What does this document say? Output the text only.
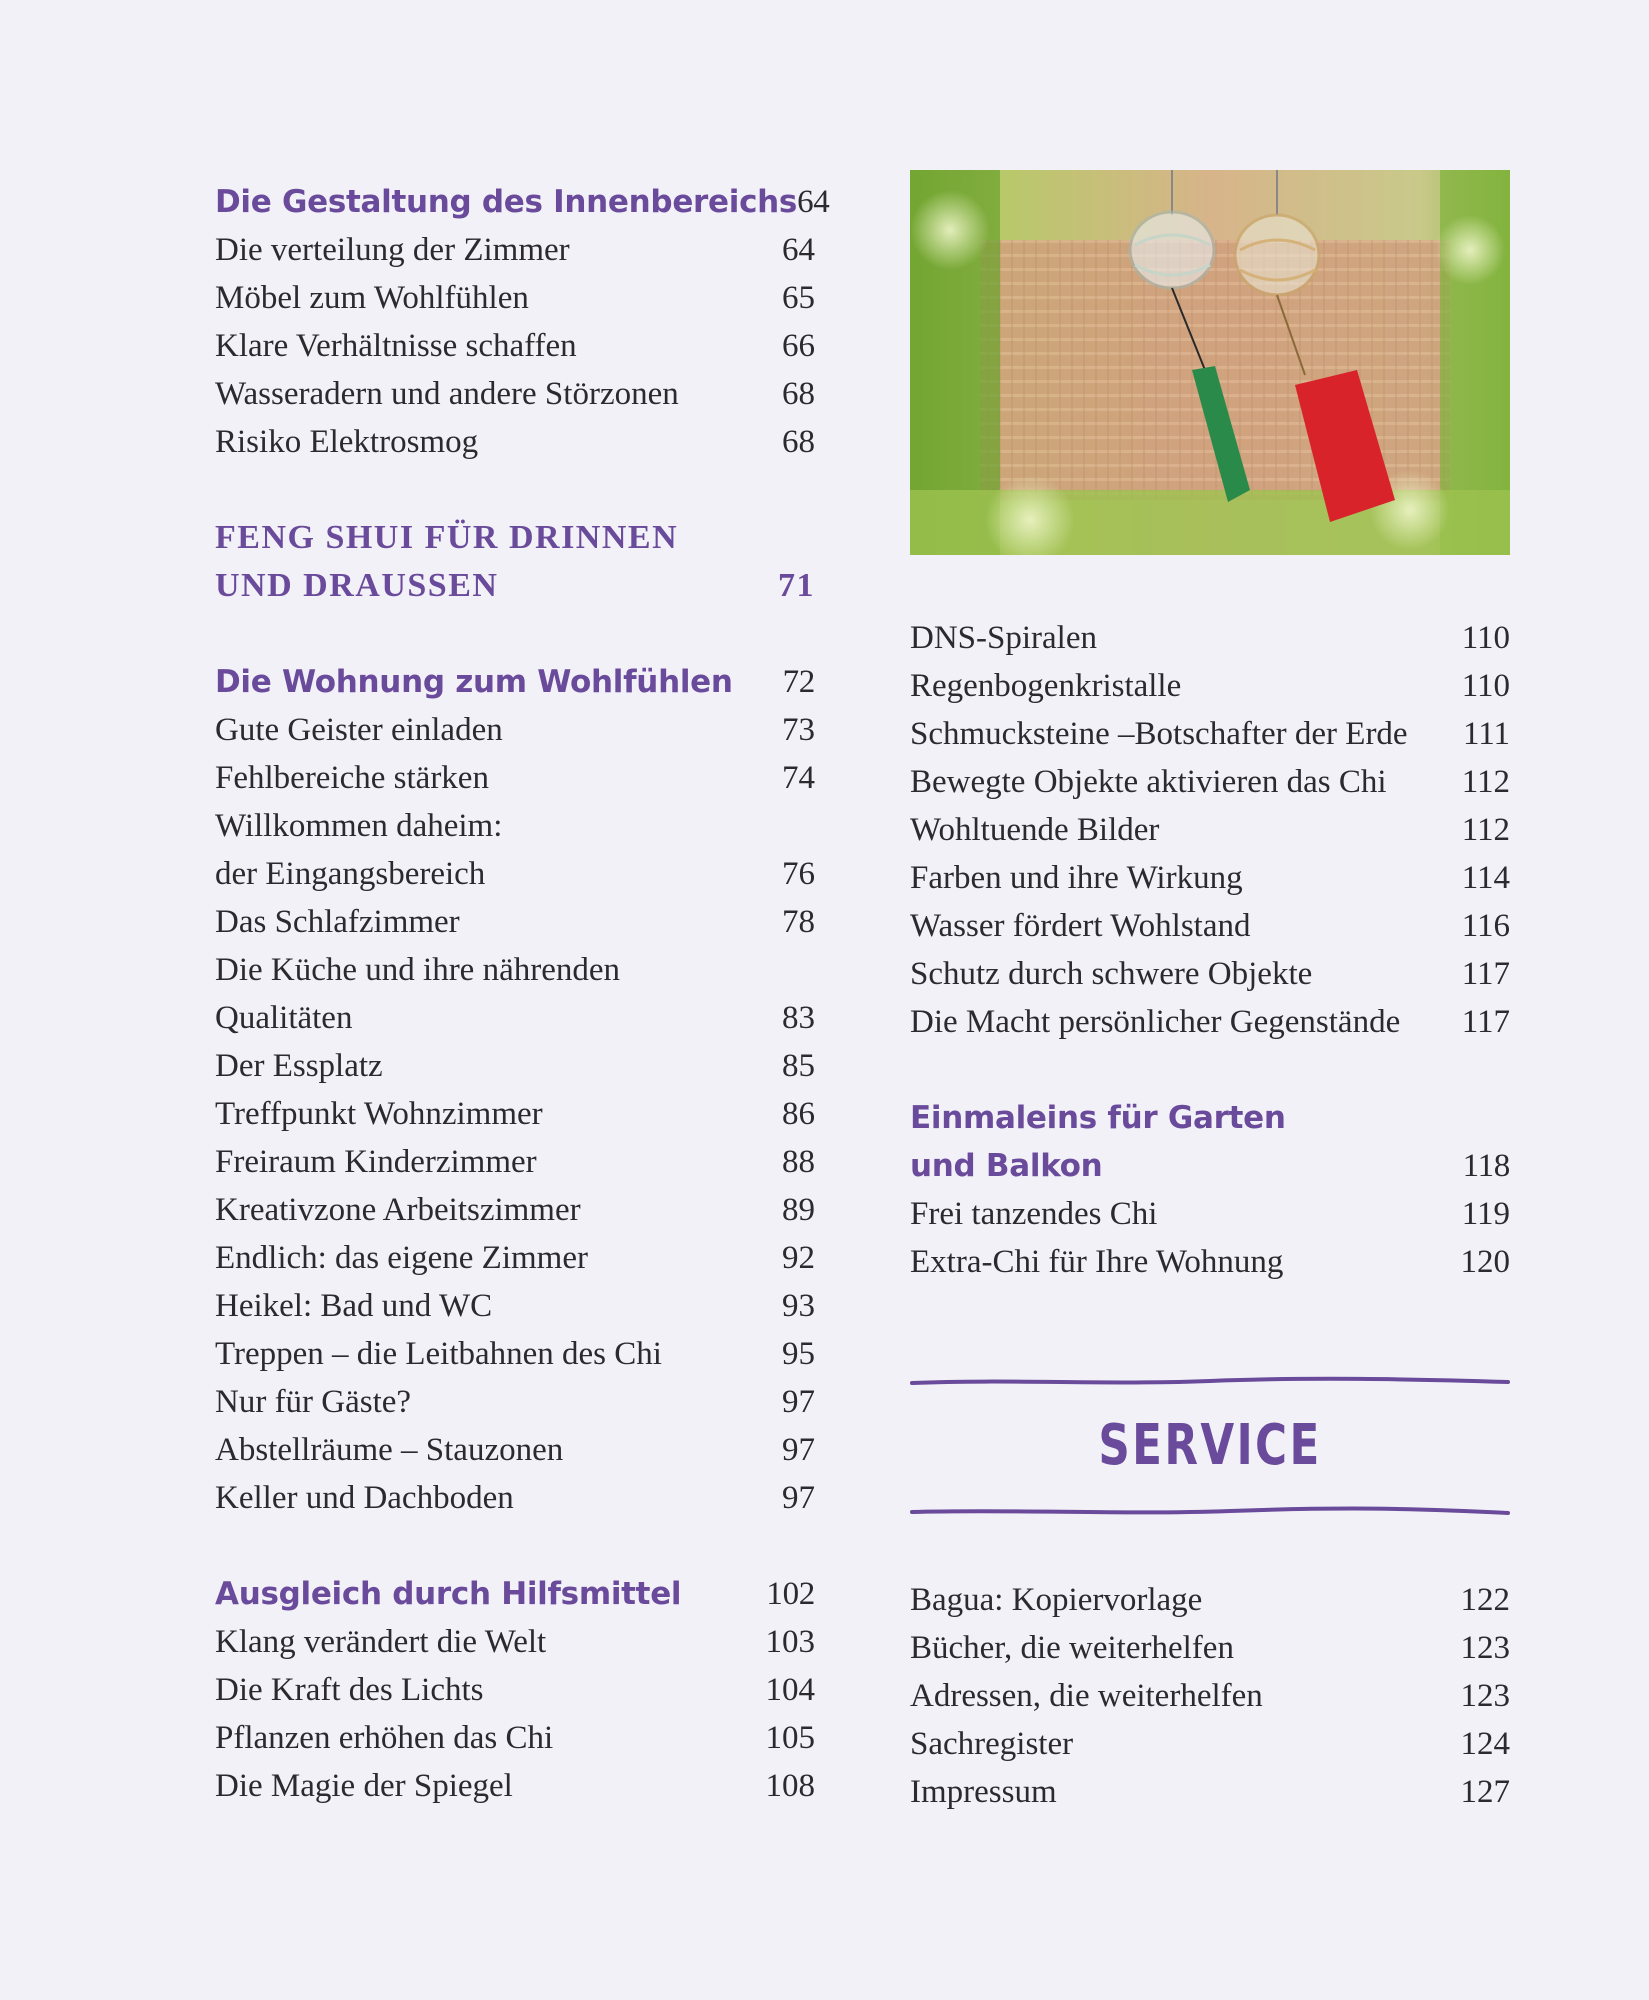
Die Gestaltung des Innenbereichs 64
Die verteilung der Zimmer	64
Möbel zum Wohlfühlen	65
Klare Verhältnisse schaffen	66
Wasseradern und andere Störzonen	68
Risiko Elektrosmog	68
FENG SHUI FÜR DRINNEN
UND DRAUSSEN	71
Die Wohnung zum Wohlfühlen 72
Gute Geister einladen	73
Fehlbereiche stärken	74
Willkommen daheim:
der Eingangsbereich	76
Das Schlafzimmer	78
Die Küche und ihre nährenden
Qualitäten	83
Der Essplatz	85
Treffpunkt Wohnzimmer	86
Freiraum Kinderzimmer	88
Kreativzone Arbeitszimmer	89
Endlich: das eigene Zimmer	92
Heikel: Bad und WC	93
Treppen – die Leitbahnen des Chi	95
Nur für Gäste?	97
Abstellräume – Stauzonen	97
Keller und Dachboden	97
Ausgleich durch Hilfsmittel	102
Klang verändert die Welt	103
Die Kraft des Lichts	104
Pflanzen erhöhen das Chi	105
Die Magie der Spiegel	108
DNS-Spiralen	110
Regenbogenkristalle	110
Schmucksteine –Botschafter der Erde	111
Bewegte Objekte aktivieren das Chi	112
Wohltuende Bilder	112
Farben und ihre Wirkung	114
Wasser fördert Wohlstand	116
Schutz durch schwere Objekte	117
Die Macht persönlicher Gegenstände	117
Einmaleins für Garten
und Balkon	118
Frei tanzendes Chi	119
Extra-Chi für Ihre Wohnung	120
SERVICE
Bagua: Kopiervorlage	122
Bücher, die weiterhelfen	123
Adressen, die weiterhelfen	123
Sachregister	124
Impressum	127
